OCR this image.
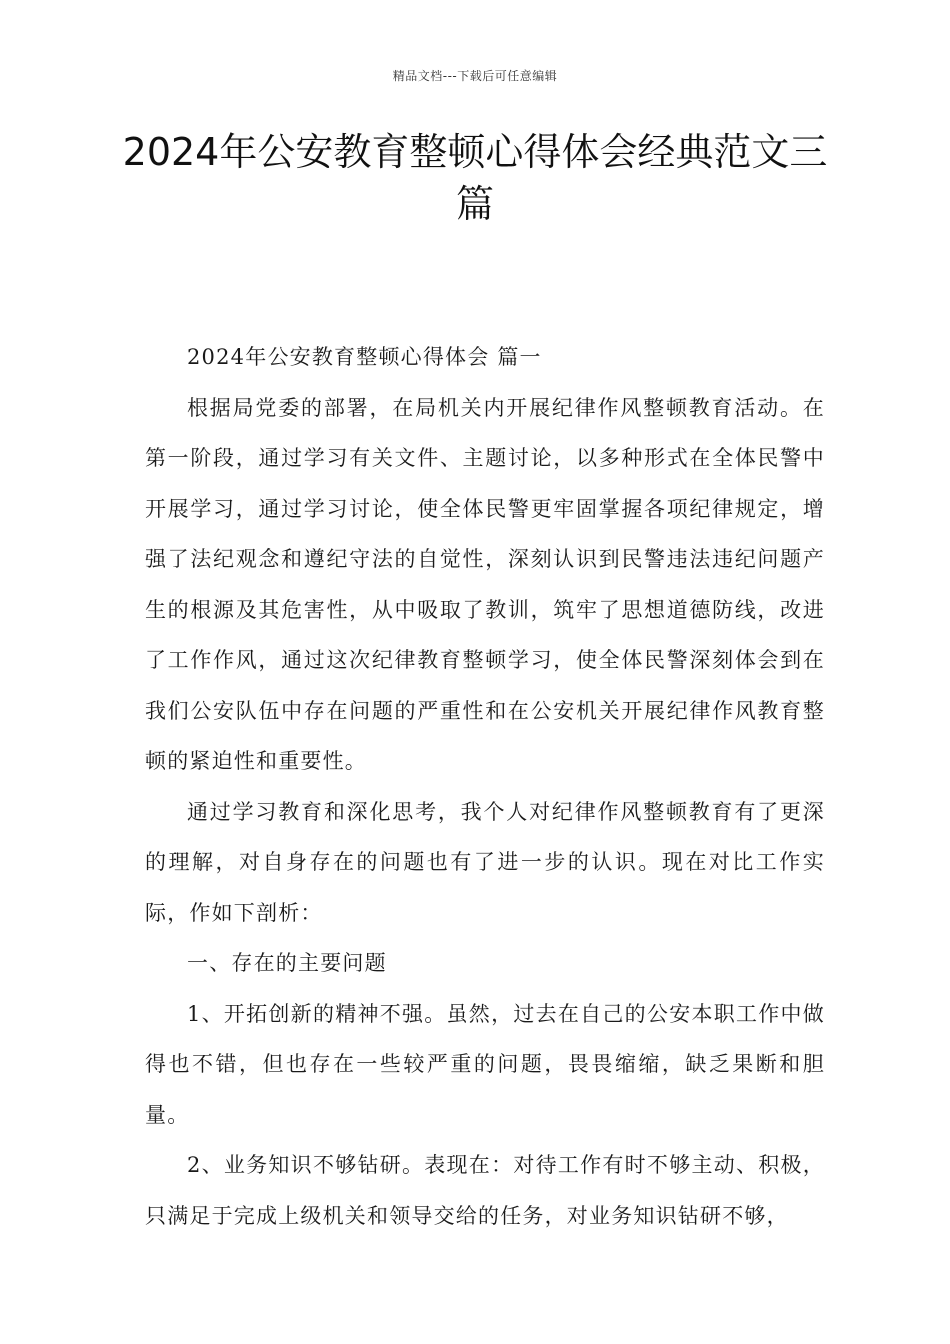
精品文档---下载后可任意编辑
2024年公安教育整顿心得体会经典范文三篇

2024年公安教育整顿心得体会 篇一

根据局党委的部署，在局机关内开展纪律作风整顿教育活动。在第一阶段，通过学习有关文件、主题讨论，以多种形式在全体民警中开展学习，通过学习讨论，使全体民警更牢固掌握各项纪律规定，增强了法纪观念和遵纪守法的自觉性，深刻认识到民警违法违纪问题产生的根源及其危害性，从中吸取了教训，筑牢了思想道德防线，改进了工作作风，通过这次纪律教育整顿学习，使全体民警深刻体会到在我们公安队伍中存在问题的严重性和在公安机关开展纪律作风教育整顿的紧迫性和重要性。

通过学习教育和深化思考，我个人对纪律作风整顿教育有了更深的理解，对自身存在的问题也有了进一步的认识。现在对比工作实际，作如下剖析：

一、存在的主要问题

1、开拓创新的精神不强。虽然，过去在自己的公安本职工作中做得也不错，但也存在一些较严重的问题，畏畏缩缩，缺乏果断和胆量。

2、业务知识不够钻研。表现在：对待工作有时不够主动、积极，只满足于完成上级机关和领导交给的任务，对业务知识钻研不够，
